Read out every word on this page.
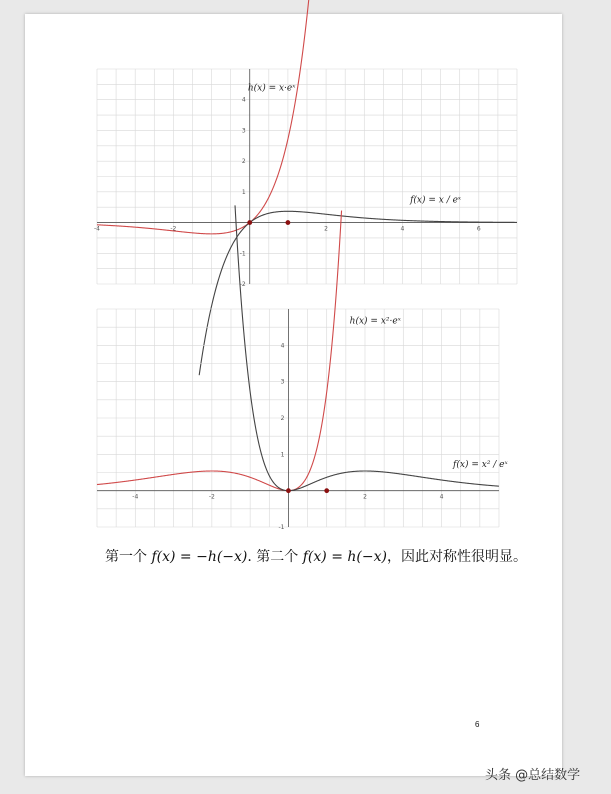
-4	-2	2	4	6
-2
-1
1
2
3
4
h(x) = x·eˣ
f(x) = x / eˣ
-4	-2	2	4
-1
1
2
3
4
h(x) = x²·eˣ
f(x) = x² / eˣ
第一个 f(x) = −h(−x). 第二个 f(x) = h(−x)，因此对称性很明显。
6
头条 @总结数学
